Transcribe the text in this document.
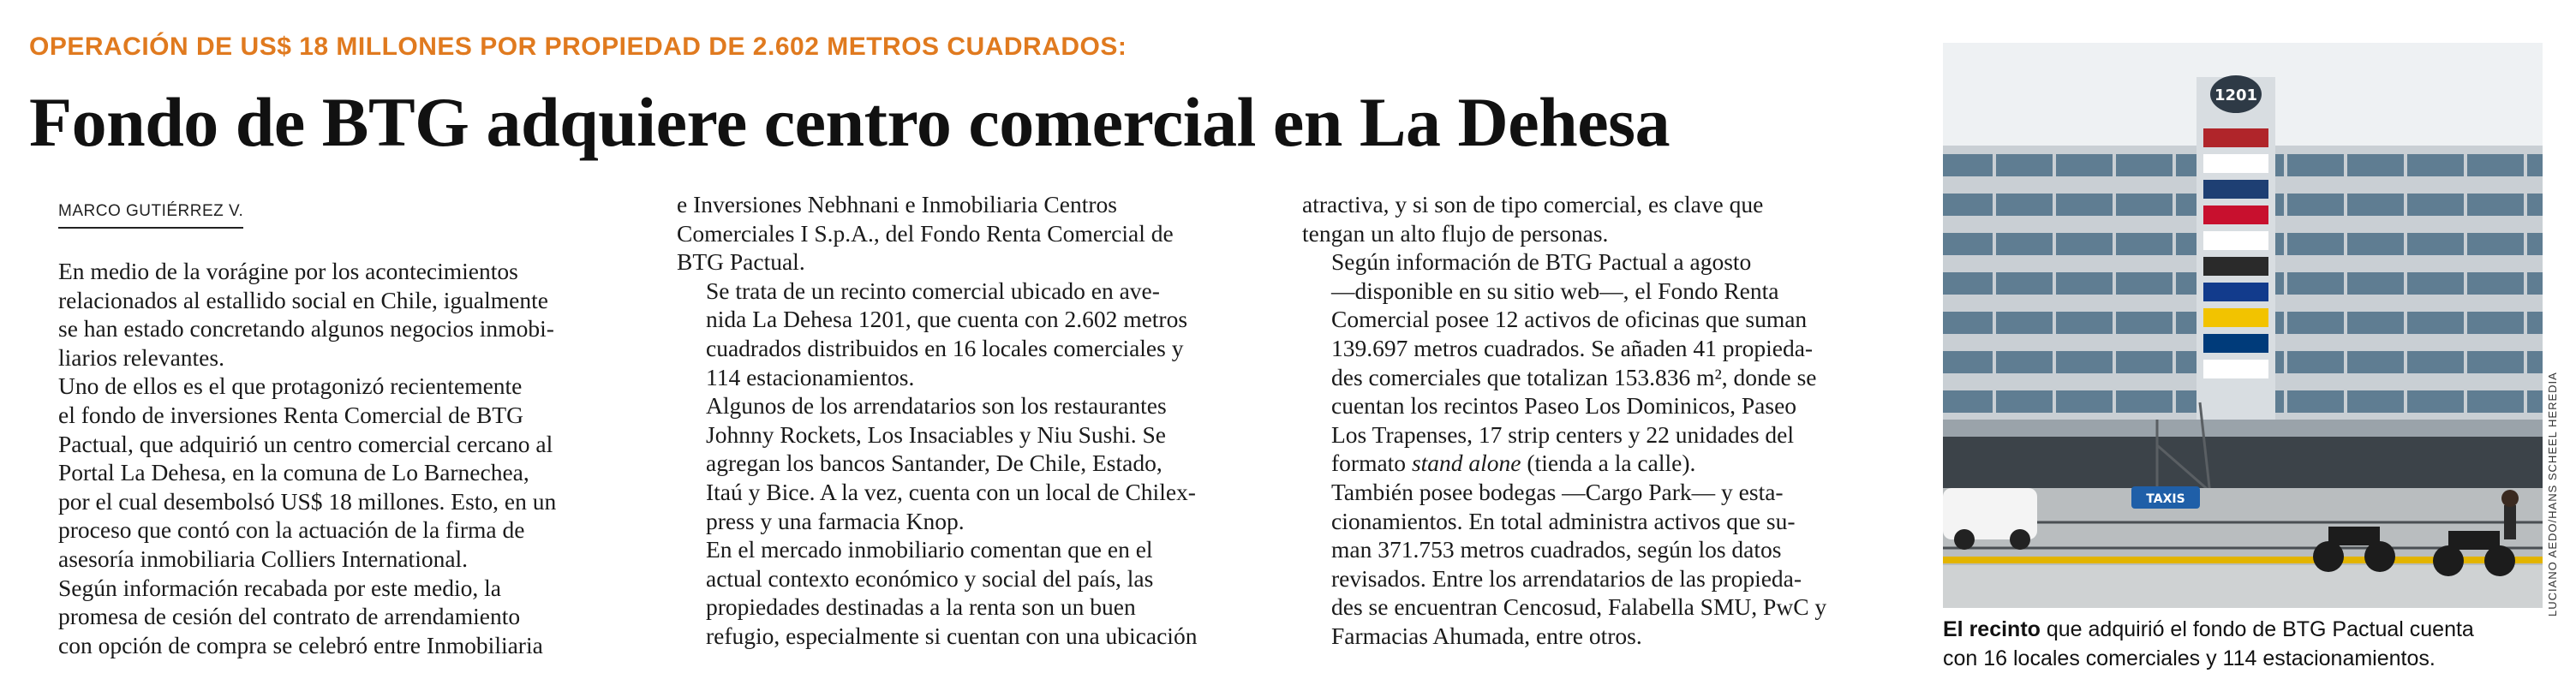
OPERACIÓN DE US$ 18 MILLONES POR PROPIEDAD DE 2.602 METROS CUADRADOS:
Fondo de BTG adquiere centro comercial en La Dehesa
MARCO GUTIÉRREZ V.

En medio de la vorágine por los acontecimientos
relacionados al estallido social en Chile, igualmente
se han estado concretando algunos negocios inmobi-
liarios relevantes.

Uno de ellos es el que protagonizó recientemente
el fondo de inversiones Renta Comercial de BTG
Pactual, que adquirió un centro comercial cercano al
Portal La Dehesa, en la comuna de Lo Barnechea,
por el cual desembolsó US$ 18 millones. Esto, en un
proceso que contó con la actuación de la firma de
asesoría inmobiliaria Colliers International.

Según información recabada por este medio, la
promesa de cesión del contrato de arrendamiento
con opción de compra se celebró entre Inmobiliaria

e Inversiones Nebhnani e Inmobiliaria Centros
Comerciales I S.p.A., del Fondo Renta Comercial de
BTG Pactual.

Se trata de un recinto comercial ubicado en ave-
nida La Dehesa 1201, que cuenta con 2.602 metros
cuadrados distribuidos en 16 locales comerciales y
114 estacionamientos.

Algunos de los arrendatarios son los restaurantes
Johnny Rockets, Los Insaciables y Niu Sushi. Se
agregan los bancos Santander, De Chile, Estado,
Itaú y Bice. A la vez, cuenta con un local de Chilex-
press y una farmacia Knop.

En el mercado inmobiliario comentan que en el
actual contexto económico y social del país, las
propiedades destinadas a la renta son un buen
refugio, especialmente si cuentan con una ubicación

atractiva, y si son de tipo comercial, es clave que
tengan un alto flujo de personas.

Según información de BTG Pactual a agosto
—disponible en su sitio web—, el Fondo Renta
Comercial posee 12 activos de oficinas que suman
139.697 metros cuadrados. Se añaden 41 propieda-
des comerciales que totalizan 153.836 m², donde se
cuentan los recintos Paseo Los Dominicos, Paseo
Los Trapenses, 17 strip centers y 22 unidades del
formato stand alone (tienda a la calle).

También posee bodegas —Cargo Park— y esta-
cionamientos. En total administra activos que su-
man 371.753 metros cuadrados, según los datos
revisados. Entre los arrendatarios de las propieda-
des se encuentran Cencosud, Falabella SMU, PwC y
Farmacias Ahumada, entre otros.

1201
TAXIS	LUCIANO AEDO/HANS SCHEEL HEREDIA
El recinto que adquirió el fondo de BTG Pactual cuenta
con 16 locales comerciales y 114 estacionamientos.
